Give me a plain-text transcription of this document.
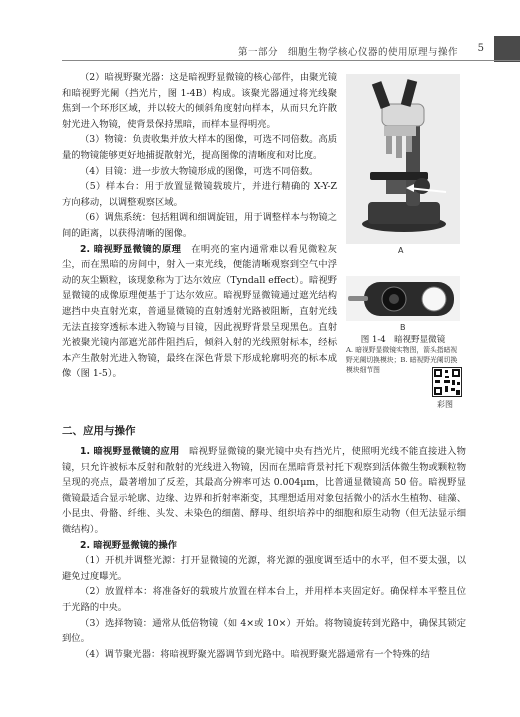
第一部分　细胞生物学核心仪器的使用原理与操作 5

（2）暗视野聚光器：这是暗视野显微镜的核心部件，由聚光镜和暗视野光阑（挡光片，图 1-4B）构成。该聚光器通过将光线聚焦到一个环形区域，并以较大的倾斜角度射向样本，从而只允许散射光进入物镜，使背景保持黑暗，而样本显得明亮。

（3）物镜：负责收集并放大样本的图像，可选不同倍数。高质量的物镜能够更好地捕捉散射光，提高图像的清晰度和对比度。

（4）目镜：进一步放大物镜形成的图像，可选不同倍数。

（5）样本台：用于放置显微镜载玻片，并进行精确的 X-Y-Z 方向移动，以调整观察区域。

（6）调焦系统：包括粗调和细调旋钮，用于调整样本与物镜之间的距离，以获得清晰的图像。

2. 暗视野显微镜的原理　 在明亮的室内通常难以看见微粒灰尘，而在黑暗的房间中，射入一束光线，便能清晰观察到空气中浮动的灰尘颗粒，该现象称为丁达尔效应（Tyndall effect）。暗视野显微镜的成像原理便基于丁达尔效应。暗视野显微镜通过遮光结构遮挡中央直射光束，普通显微镜的直射透射光路被阻断，直射光线无法直接穿透标本进入物镜与目镜，因此视野背景呈现黑色。直射光被聚光镜内部遮光部件阻挡后，倾斜入射的光线照射标本，经标本产生散射光进入物镜，最终在深色背景下形成轮廓明亮的标本成像（图 1-5）。

A
B
图 1-4　暗视野显微镜
A. 暗视野显微镜实物图，箭头指暗视野光阑切换模块；B. 暗视野光阑切换模块细节图
彩图
二、应用与操作

1. 暗视野显微镜的应用　 暗视野显微镜的聚光镜中央有挡光片，使照明光线不能直接进入物镜，只允许被标本反射和散射的光线进入物镜，因而在黑暗背景衬托下观察到活体微生物或颗粒物呈现的亮点，最著增加了反差，其最高分辨率可达 0.004μm，比普通显微镜高 50 倍。暗视野显微镜最适合显示轮廓、边缘、边界和折射率渐变，其理想适用对象包括微小的活水生植物、硅藻、小昆虫、骨骼、纤维、头发、未染色的细菌、酵母、组织培养中的细胞和原生动物（但无法显示细微结构）。

2. 暗视野显微镜的操作

（1）开机并调整光源：打开显微镜的光源，将光源的强度调至适中的水平，但不要太强，以避免过度曝光。

（2）放置样本：将准备好的载玻片放置在样本台上，并用样本夹固定好。确保样本平整且位于光路的中央。

（3）选择物镜：通常从低倍物镜（如 4×或 10×）开始。将物镜旋转到光路中，确保其锁定到位。

（4）调节聚光器：将暗视野聚光器调节到光路中。暗视野聚光器通常有一个特殊的结
